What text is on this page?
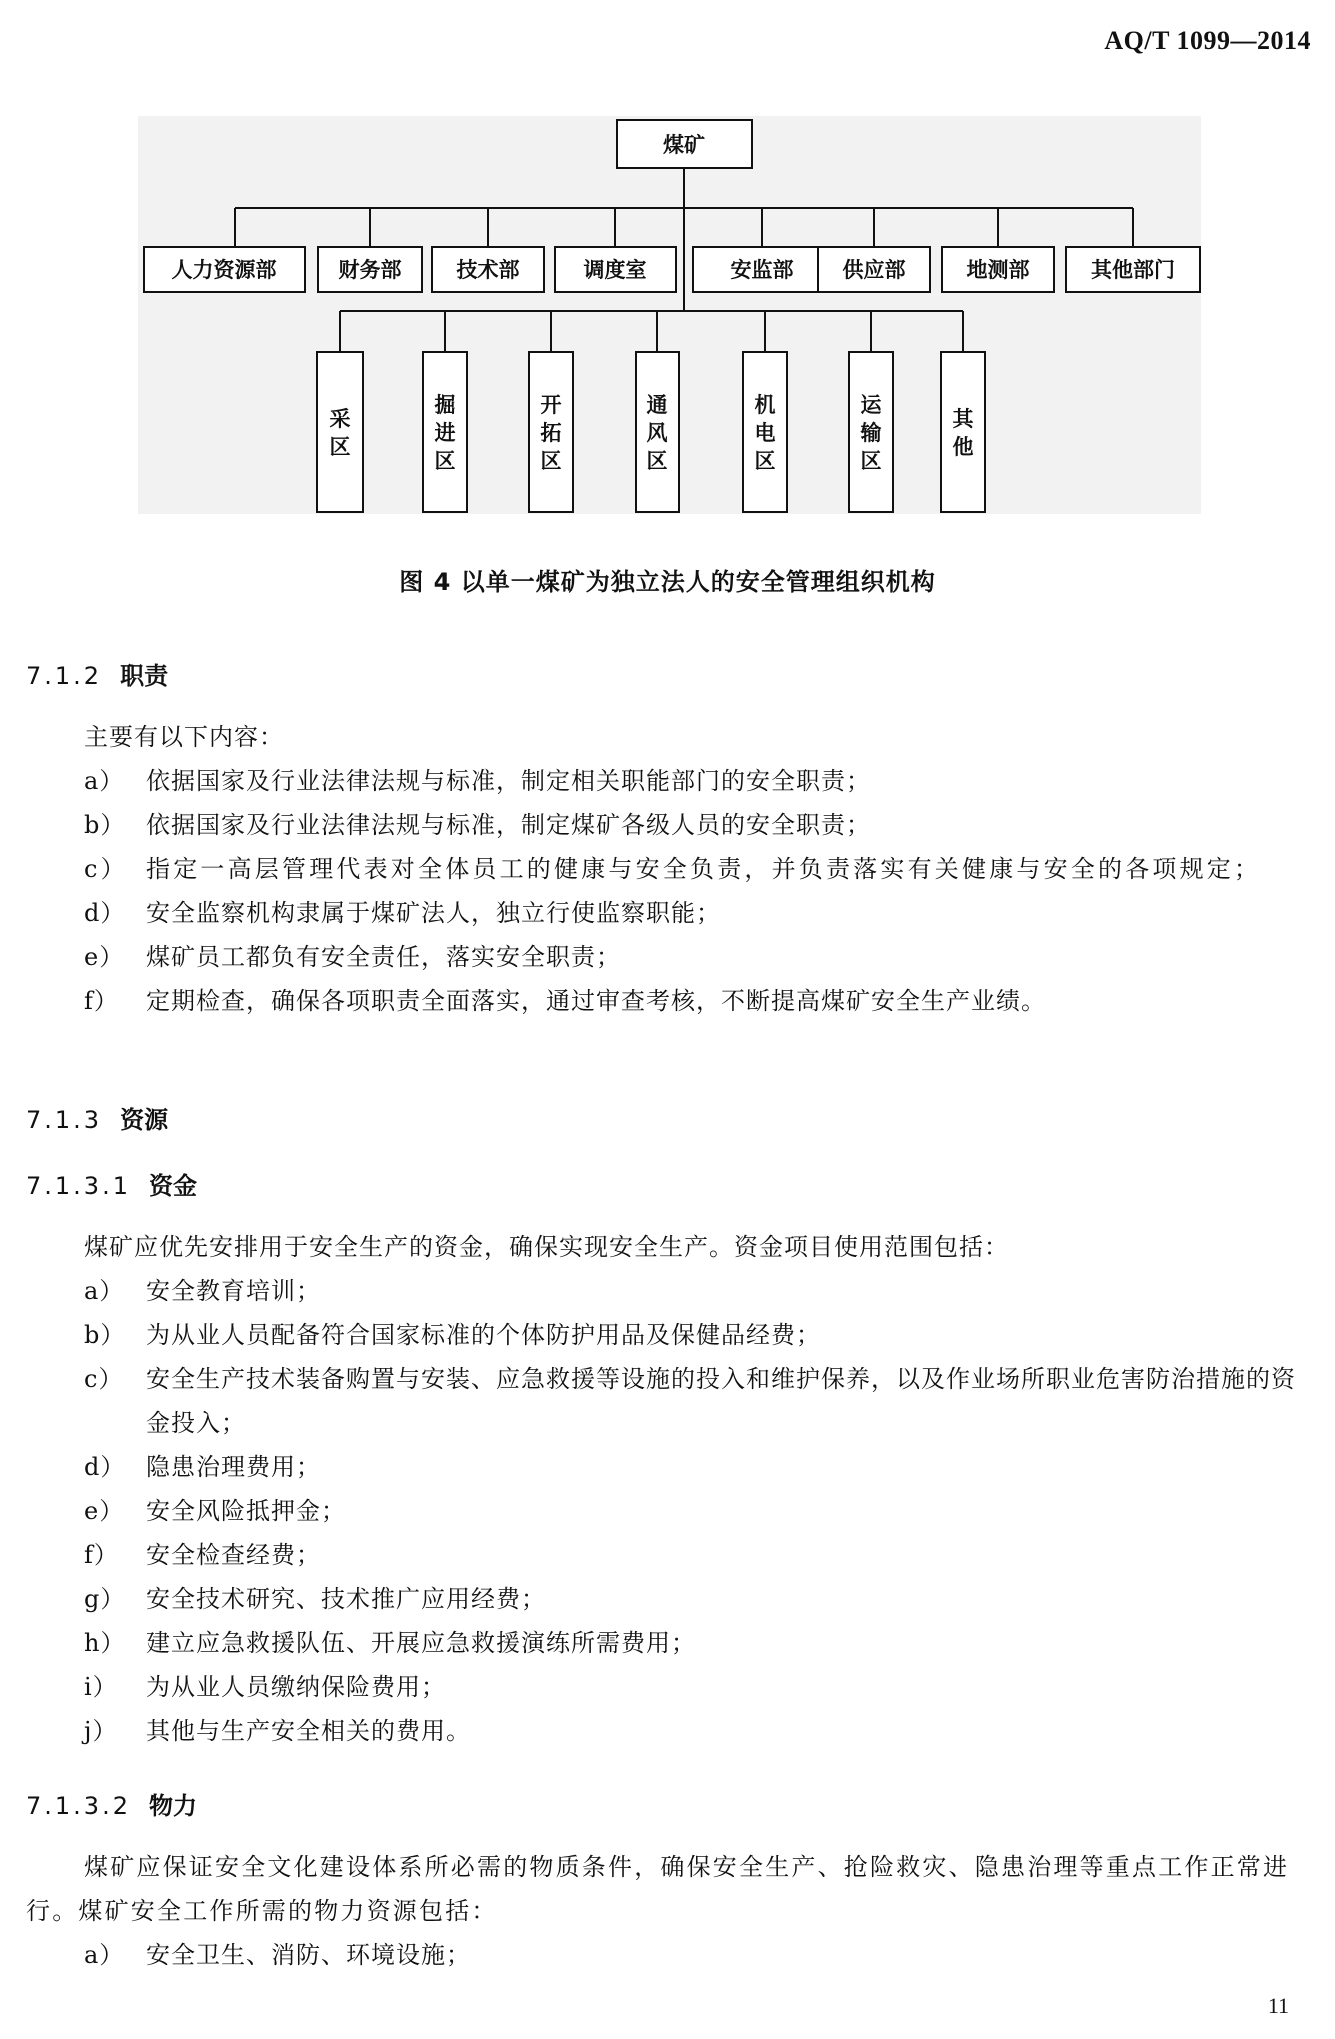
AQ/T 1099—2014
煤矿
人力资源部	财务部	技术部	调度室	安监部 供应部	地测部	其他部门
采区
掘进区
开拓区
通风区
机电区
运输区
其他
图 4 以单一煤矿为独立法人的安全管理组织机构
7.1.2 职责
主要有以下内容：
a） 依据国家及行业法律法规与标准，制定相关职能部门的安全职责；
b） 依据国家及行业法律法规与标准，制定煤矿各级人员的安全职责；
c） 指定一高层管理代表对全体员工的健康与安全负责，并负责落实有关健康与安全的各项规定；
d） 安全监察机构隶属于煤矿法人，独立行使监察职能；
e） 煤矿员工都负有安全责任，落实安全职责；
f） 定期检查，确保各项职责全面落实，通过审查考核，不断提高煤矿安全生产业绩。
7.1.3 资源
7.1.3.1 资金
煤矿应优先安排用于安全生产的资金，确保实现安全生产。资金项目使用范围包括：
a） 安全教育培训；
b） 为从业人员配备符合国家标准的个体防护用品及保健品经费；
c） 安全生产技术装备购置与安装、应急救援等设施的投入和维护保养，以及作业场所职业危害防治措施的资金投入；
d） 隐患治理费用；
e） 安全风险抵押金；
f） 安全检查经费；
g） 安全技术研究、技术推广应用经费；
h） 建立应急救援队伍、开展应急救援演练所需费用；
i） 为从业人员缴纳保险费用；
j） 其他与生产安全相关的费用。
7.1.3.2 物力
煤矿应保证安全文化建设体系所必需的物质条件，确保安全生产、抢险救灾、隐患治理等重点工作正常进行。煤矿安全工作所需的物力资源包括：
a） 安全卫生、消防、环境设施；
11
